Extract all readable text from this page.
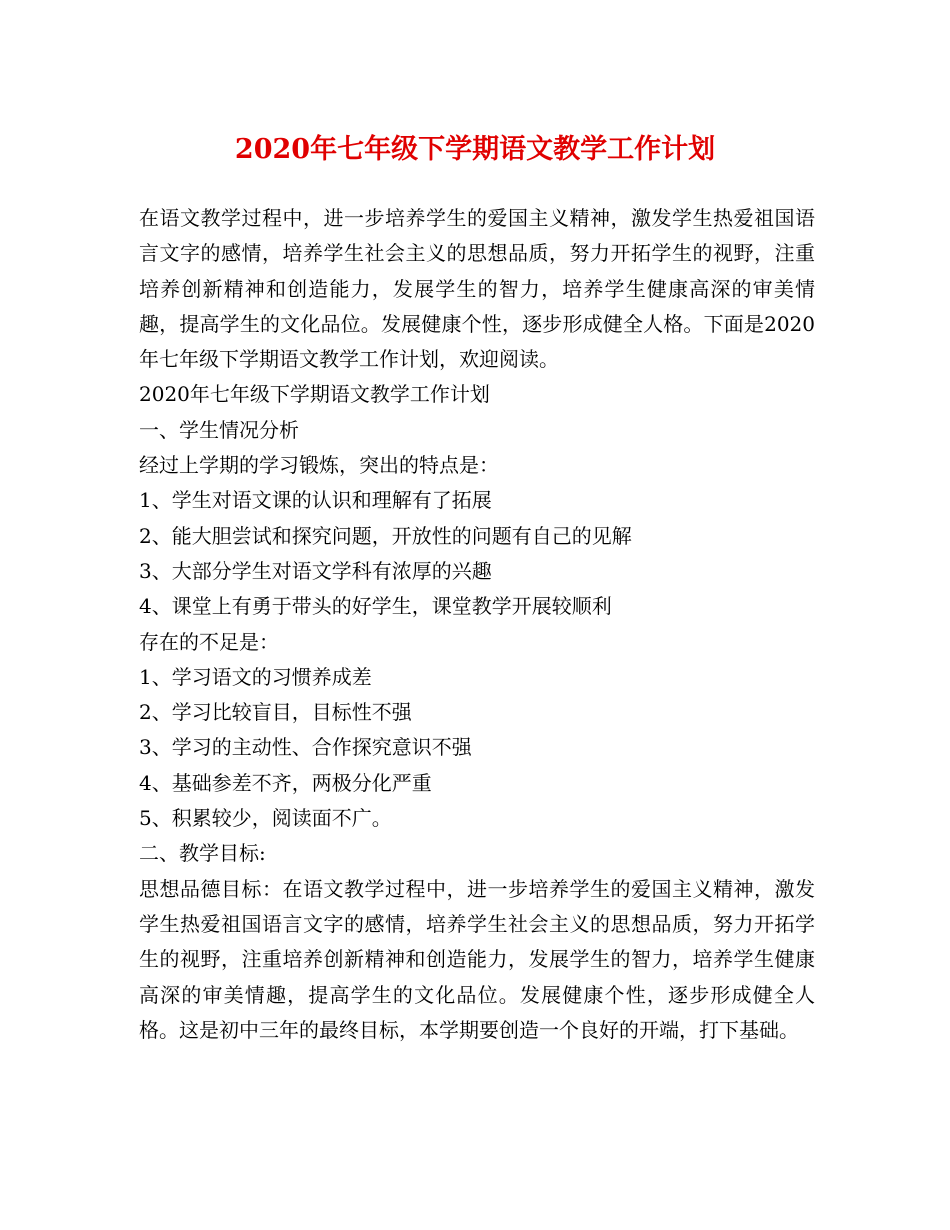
2020年七年级下学期语文教学工作计划

在语文教学过程中，进一步培养学生的爱国主义精神，激发学生热爱祖国语言文字的感情，培养学生社会主义的思想品质，努力开拓学生的视野，注重培养创新精神和创造能力，发展学生的智力，培养学生健康高深的审美情趣，提高学生的文化品位。发展健康个性，逐步形成健全人格。下面是2020年七年级下学期语文教学工作计划，欢迎阅读。

2020年七年级下学期语文教学工作计划

一、学生情况分析

经过上学期的学习锻炼，突出的特点是：

1、学生对语文课的认识和理解有了拓展

2、能大胆尝试和探究问题，开放性的问题有自己的见解

3、大部分学生对语文学科有浓厚的兴趣

4、课堂上有勇于带头的好学生，课堂教学开展较顺利

存在的不足是：

1、学习语文的习惯养成差

2、学习比较盲目，目标性不强

3、学习的主动性、合作探究意识不强

4、基础参差不齐，两极分化严重

5、积累较少，阅读面不广。

二、教学目标:

思想品德目标：在语文教学过程中，进一步培养学生的爱国主义精神，激发学生热爱祖国语言文字的感情，培养学生社会主义的思想品质，努力开拓学生的视野，注重培养创新精神和创造能力，发展学生的智力，培养学生健康高深的审美情趣，提高学生的文化品位。发展健康个性，逐步形成健全人格。这是初中三年的最终目标，本学期要创造一个良好的开端，打下基础。
